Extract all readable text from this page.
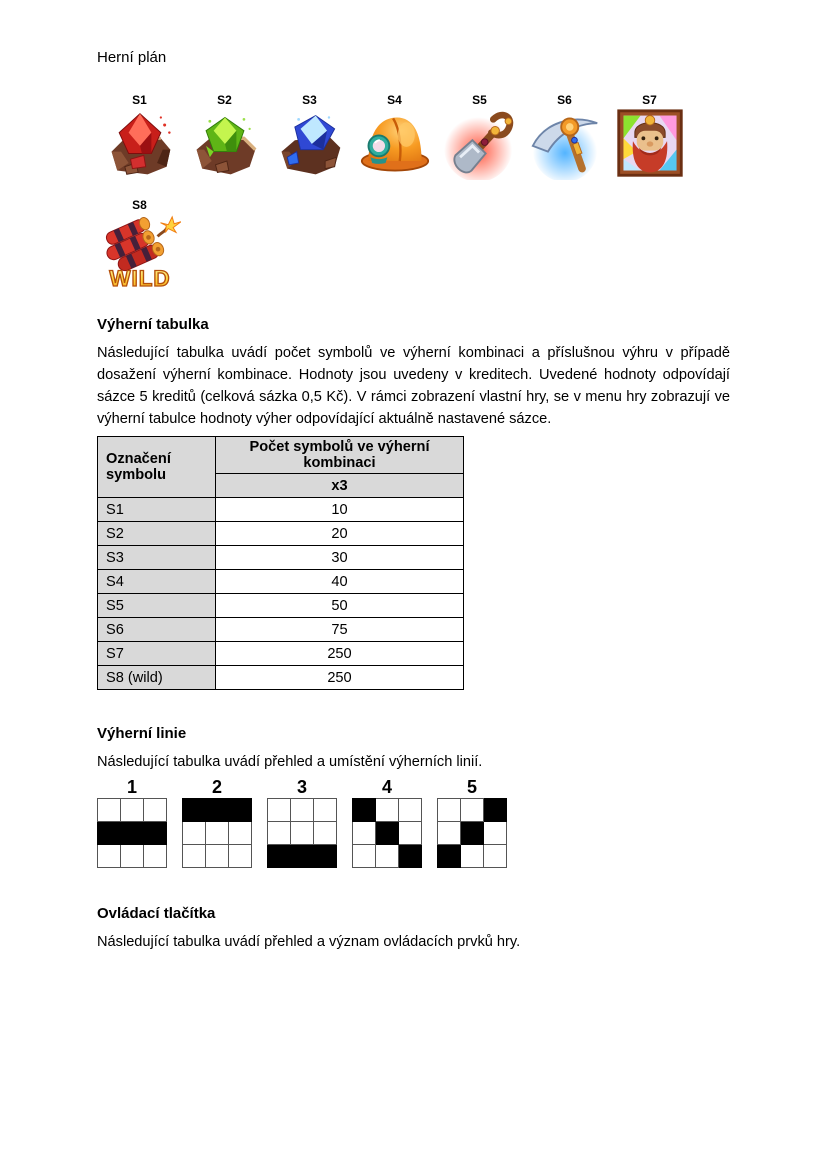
Herní plán
S1	S2	S3	S4	S5	S6	S7
S8
WILD
Výherní tabulka
Následující tabulka uvádí počet symbolů ve výherní kombinaci a příslušnou výhru v případě dosažení výherní kombinace. Hodnoty jsou uvedeny v kreditech. Uvedené hodnoty odpovídají sázce 5 kreditů (celková sázka 0,5 Kč). V rámci zobrazení vlastní hry, se v menu hry zobrazují ve výherní tabulce hodnoty výher odpovídající aktuálně nastavené sázce.
Označení symbolu	Počet symbolů ve výherní kombinaci
	x3
S1	10
S2	20
S3	30
S4	40
S5	50
S6	75
S7	250
S8 (wild)	250
Výherní linie
Následující tabulka uvádí přehled a umístění výherních linií.
1

			2

			3

			4

			5

Ovládací tlačítka
Následující tabulka uvádí přehled a význam ovládacích prvků hry.
